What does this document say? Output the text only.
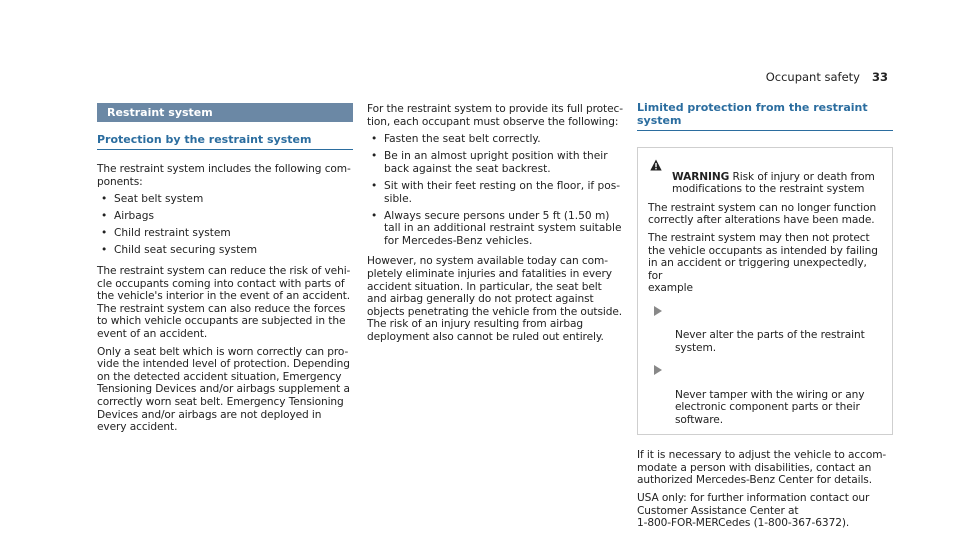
Occupant safety 33
Restraint system
Protection by the restraint system

The restraint system includes the following com-
ponents:

• Seat belt system
• Airbags
• Child restraint system
• Child seat securing system

The restraint system can reduce the risk of vehi-
cle occupants coming into contact with parts of
the vehicle's interior in the event of an accident.
The restraint system can also reduce the forces
to which vehicle occupants are subjected in the
event of an accident.

Only a seat belt which is worn correctly can pro-
vide the intended level of protection. Depending
on the detected accident situation, Emergency
Tensioning Devices and/or airbags supplement a
correctly worn seat belt. Emergency Tensioning
Devices and/or airbags are not deployed in
every accident.

For the restraint system to provide its full protec-
tion, each occupant must observe the following:

• Fasten the seat belt correctly.
• Be in an almost upright position with their
back against the seat backrest.
• Sit with their feet resting on the floor, if pos-
sible.
• Always secure persons under 5 ft (1.50 m)
tall in an additional restraint system suitable
for Mercedes-Benz vehicles.

However, no system available today can com-
pletely eliminate injuries and fatalities in every
accident situation. In particular, the seat belt
and airbag generally do not protect against
objects penetrating the vehicle from the outside.
The risk of an injury resulting from airbag
deployment also cannot be ruled out entirely.

Limited protection from the restraint system

WARNING Risk of injury or death from
modifications to the restraint system

The restraint system can no longer function
correctly after alterations have been made.

The restraint system may then not protect
the vehicle occupants as intended by failing
in an accident or triggering unexpectedly, for
example

Never alter the parts of the restraint
system.

Never tamper with the wiring or any
electronic component parts or their
software.

If it is necessary to adjust the vehicle to accom-
modate a person with disabilities, contact an
authorized Mercedes-Benz Center for details.

USA only: for further information contact our
Customer Assistance Center at
1-800-FOR-MERCedes (1-800-367-6372).
